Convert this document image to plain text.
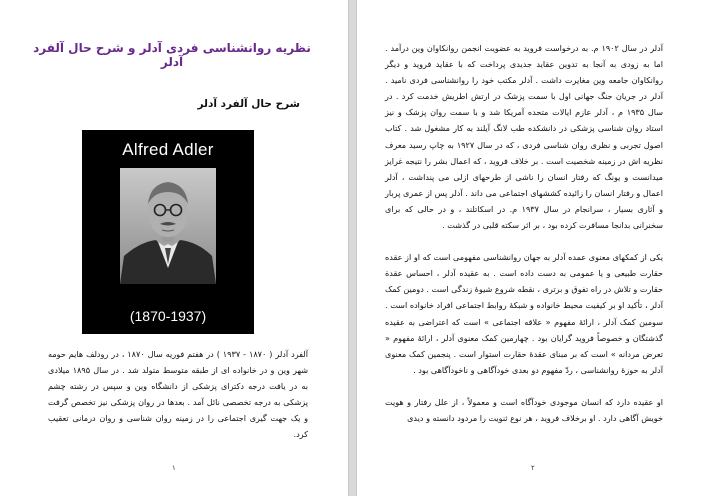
نظریه روانشناسی فردی آدلر و شرح حال آلفرد آدلر
شرح حال آلفرد آدلر
Alfred Adler
(1870-1937)

آلفرد آدلر ( ۱۸۷۰ - ۱۹۳۷ ) در هفتم فوریه سال ۱۸۷۰ ، در رودلف هایم حومه شهر وین و در خانواده ای از طبقه متوسط متولد شد . در سال ۱۸۹۵ میلادی به در یافت درجه دکترای پزشکی از دانشگاه وین و سپس در رشته چشم پزشکی به درجه تخصصی نائل آمد . بعدها در روان پزشکی نیز تخصص گرفت و یک جهت گیری اجتماعی را در زمینه روان شناسی و روان درمانی تعقیب کرد.

۱

آدلر در سال ۱۹۰۲ م. به درخواست فروید به عضویت انجمن روانکاوان وین درآمد . اما به زودی به آنجا به تدوین عقاید جدیدی پرداخت که با عقاید فروید و دیگر روانکاوان جامعه وین مغایرت داشت . آدلر مکتب خود را روانشناسی فردی نامید . آدلر در جریان جنگ جهانی اول با سمت پزشک در ارتش اطریش خدمت کرد . در سال ۱۹۳۵ م ، آدلر عازم ایالات متحده آمریکا شد و با سمت روان پزشک و نیز استاد روان شناسی پزشکی در دانشکده طب لانگ آیلند به کار مشغول شد . کتاب اصول تجربی و نظری روان شناسی فردی ، که در سال ۱۹۲۷ به چاپ رسید معرف نظریه اش در زمینه شخصیت است . بر خلاف فروید ، که اعمال بشر را نتیجه غرایز میدانست و یونگ که رفتار انسان را ناشی از طرحهای ازلی می پنداشت ، آدلر اعمال و رفتار انسان را زائیده کششهای اجتماعی می داند . آدلر پس از عمری پربار و آثاری بسیار ، سرانجام در سال ۱۹۳۷ م. در اسکاتلند ، و در حالی که برای سخنرانی بدانجا مسافرت کرده بود ، بر اثر سکته قلبی در گذشت .

یکی از کمکهای معنوی عمده آدلر به جهان روانشناسی مفهومی است که او از عقده حقارت طبیعی و یا عمومی به دست داده است . به عقیده آدلر ، احساس عقدة حقارت و تلاش در راه تفوق و برتری ، نقطه شروع شیوهٔ زندگی است . دومین کمک آدلر ، تأکید او بر کیفیت محیط خانواده و شبکهٔ روابط اجتماعی افراد خانواده است . سومین کمک آدلر ، ارائهٔ مفهوم « علاقه اجتماعی » است که اعتراضی به عقیده گذشتگان و خصوصاً فروید گرایان بود . چهارمین کمک معنوی آدلر ، ارائهٔ مفهوم « تعرض مردانه » است که بر مبنای عقدهٔ حقارت استوار است . پنجمین کمک معنوی آدلر به حوزهٔ روانشناسی ، ردّ مفهوم دو بعدی خودآگاهی و ناخودآگاهی بود .

او عقیده دارد که انسان موجودی خودآگاه است و معمولاً ، از علل رفتار و هویت خویش آگاهی دارد . او برخلاف فروید ، هر نوع ثنویت را مردود دانسته و دیدی

۲
